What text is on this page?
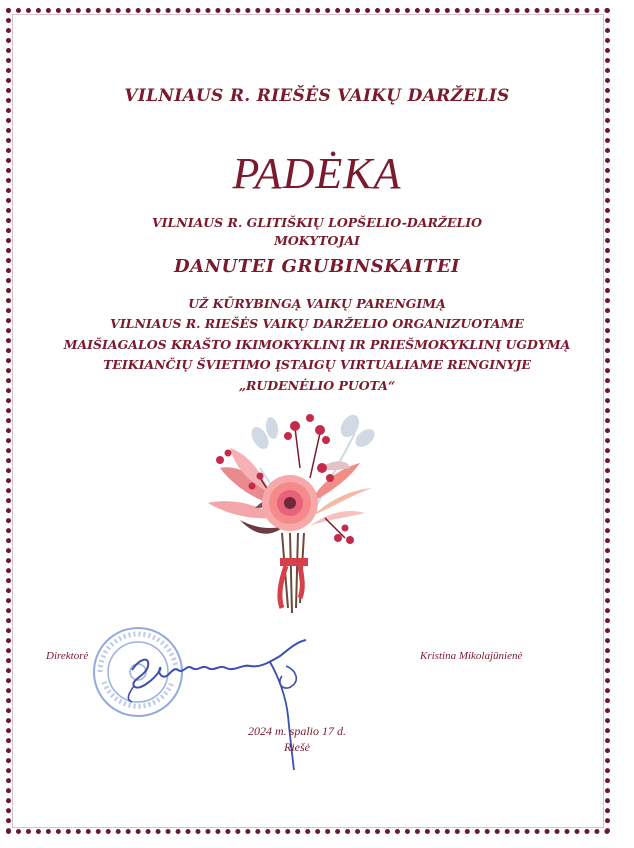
VILNIAUS R. RIEŠĖS VAIKŲ DARŽELIS
PADĖKA
VILNIAUS R. GLITIŠKIŲ LOPŠELIO-DARŽELIO
MOKYTOJAI
DANUTEI GRUBINSKAITEI
UŽ KŪRYBINGĄ VAIKŲ PARENGIMĄ
VILNIAUS R. RIEŠĖS VAIKŲ DARŽELIO ORGANIZUOTAME
MAIŠIAGALOS KRAŠTO IKIMOKYKLINĮ IR PRIEŠMOKYKLINĮ UGDYMĄ
TEIKIANČIŲ ŠVIETIMO ĮSTAIGŲ VIRTUALIAME RENGINYJE
„RUDENĖLIO PUOTA“
Direktorė	Kristina Mikolajūnienė
2024 m. spalio 17 d.
Riešė
